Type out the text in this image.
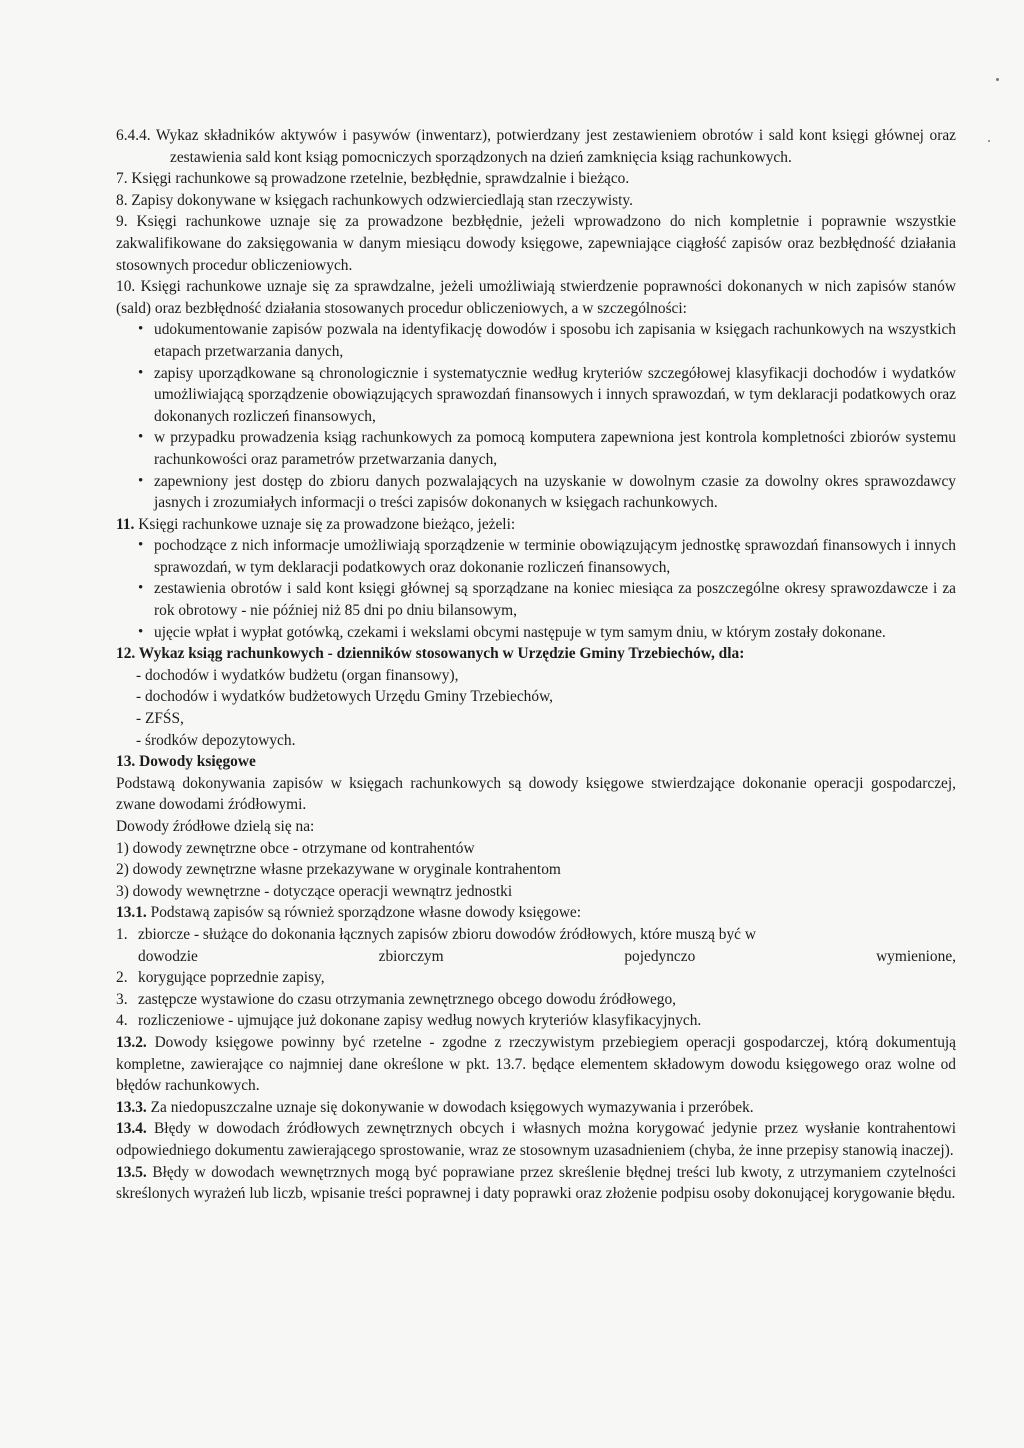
6.4.4. Wykaz składników aktywów i pasywów (inwentarz), potwierdzany jest zestawieniem obrotów i sald kont księgi głównej oraz zestawienia sald kont ksiąg pomocniczych sporządzonych na dzień zamknięcia ksiąg rachunkowych.

7. Księgi rachunkowe są prowadzone rzetelnie, bezbłędnie, sprawdzalnie i bieżąco.

8. Zapisy dokonywane w księgach rachunkowych odzwierciedlają stan rzeczywisty.

9. Księgi rachunkowe uznaje się za prowadzone bezbłędnie, jeżeli wprowadzono do nich kompletnie i poprawnie wszystkie zakwalifikowane do zaksięgowania w danym miesiącu dowody księgowe, zapewniające ciągłość zapisów oraz bezbłędność działania stosownych procedur obliczeniowych.

10. Księgi rachunkowe uznaje się za sprawdzalne, jeżeli umożliwiają stwierdzenie poprawności dokonanych w nich zapisów stanów (sald) oraz bezbłędność działania stosowanych procedur obliczeniowych, a w szczególności:

• udokumentowanie zapisów pozwala na identyfikację dowodów i sposobu ich zapisania w księgach rachunkowych na wszystkich etapach przetwarzania danych,
• zapisy uporządkowane są chronologicznie i systematycznie według kryteriów szczegółowej klasyfikacji dochodów i wydatków umożliwiającą sporządzenie obowiązujących sprawozdań finansowych i innych sprawozdań, w tym deklaracji podatkowych oraz dokonanych rozliczeń finansowych,
• w przypadku prowadzenia ksiąg rachunkowych za pomocą komputera zapewniona jest kontrola kompletności zbiorów systemu rachunkowości oraz parametrów przetwarzania danych,
• zapewniony jest dostęp do zbioru danych pozwalających na uzyskanie w dowolnym czasie za dowolny okres sprawozdawcy jasnych i zrozumiałych informacji o treści zapisów dokonanych w księgach rachunkowych.

11. Księgi rachunkowe uznaje się za prowadzone bieżąco, jeżeli:

• pochodzące z nich informacje umożliwiają sporządzenie w terminie obowiązującym jednostkę sprawozdań finansowych i innych sprawozdań, w tym deklaracji podatkowych oraz dokonanie rozliczeń finansowych,
• zestawienia obrotów i sald kont księgi głównej są sporządzane na koniec miesiąca za poszczególne okresy sprawozdawcze i za rok obrotowy - nie później niż 85 dni po dniu bilansowym,
• ujęcie wpłat i wypłat gotówką, czekami i wekslami obcymi następuje w tym samym dniu, w którym zostały dokonane.

12. Wykaz ksiąg rachunkowych - dzienników stosowanych w Urzędzie Gminy Trzebiechów, dla:

- dochodów i wydatków budżetu (organ finansowy),
- dochodów i wydatków budżetowych Urzędu Gminy Trzebiechów,
- ZFŚS,
- środków depozytowych.

13. Dowody księgowe

Podstawą dokonywania zapisów w księgach rachunkowych są dowody księgowe stwierdzające dokonanie operacji gospodarczej, zwane dowodami źródłowymi.

Dowody źródłowe dzielą się na:

1) dowody zewnętrzne obce - otrzymane od kontrahentów
2) dowody zewnętrzne własne przekazywane w oryginale kontrahentom
3) dowody wewnętrzne - dotyczące operacji wewnątrz jednostki

13.1. Podstawą zapisów są również sporządzone własne dowody księgowe:

1. zbiorcze - służące do dokonania łącznych zapisów zbioru dowodów źródłowych, które muszą być w
dowodzie zbiorczym pojedynczo wymienione,
2. korygujące poprzednie zapisy,
3. zastępcze wystawione do czasu otrzymania zewnętrznego obcego dowodu źródłowego,
4. rozliczeniowe - ujmujące już dokonane zapisy według nowych kryteriów klasyfikacyjnych.

13.2. Dowody księgowe powinny być rzetelne - zgodne z rzeczywistym przebiegiem operacji gospodarczej, którą dokumentują kompletne, zawierające co najmniej dane określone w pkt. 13.7. będące elementem składowym dowodu księgowego oraz wolne od błędów rachunkowych.

13.3. Za niedopuszczalne uznaje się dokonywanie w dowodach księgowych wymazywania i przeróbek.

13.4. Błędy w dowodach źródłowych zewnętrznych obcych i własnych można korygować jedynie przez wysłanie kontrahentowi odpowiedniego dokumentu zawierającego sprostowanie, wraz ze stosownym uzasadnieniem (chyba, że inne przepisy stanowią inaczej).

13.5. Błędy w dowodach wewnętrznych mogą być poprawiane przez skreślenie błędnej treści lub kwoty, z utrzymaniem czytelności skreślonych wyrażeń lub liczb, wpisanie treści poprawnej i daty poprawki oraz złożenie podpisu osoby dokonującej korygowanie błędu.
